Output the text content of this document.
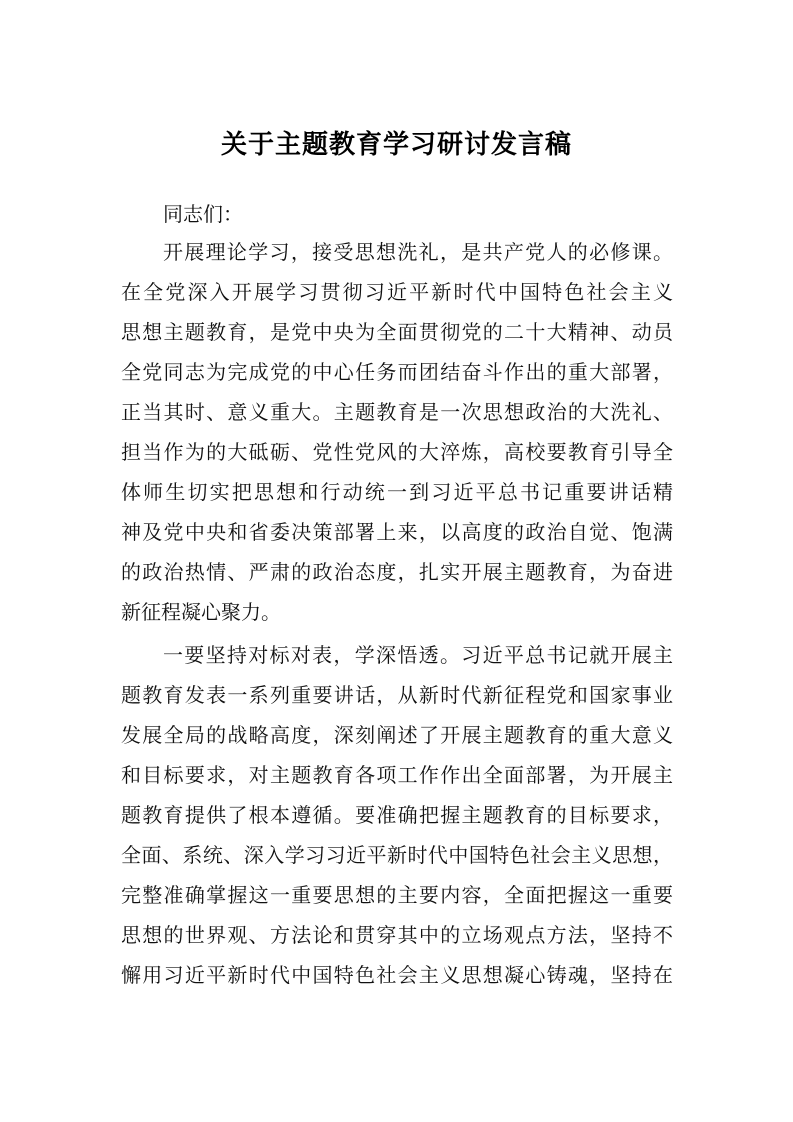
关于主题教育学习研讨发言稿
同志们：
开展理论学习，接受思想洗礼，是共产党人的必修课。
在全党深入开展学习贯彻习近平新时代中国特色社会主义
思想主题教育，是党中央为全面贯彻党的二十大精神、动员
全党同志为完成党的中心任务而团结奋斗作出的重大部署，
正当其时、意义重大。主题教育是一次思想政治的大洗礼、
担当作为的大砥砺、党性党风的大淬炼，高校要教育引导全
体师生切实把思想和行动统一到习近平总书记重要讲话精
神及党中央和省委决策部署上来，以高度的政治自觉、饱满
的政治热情、严肃的政治态度，扎实开展主题教育，为奋进
新征程凝心聚力。
一要坚持对标对表，学深悟透。习近平总书记就开展主
题教育发表一系列重要讲话，从新时代新征程党和国家事业
发展全局的战略高度，深刻阐述了开展主题教育的重大意义
和目标要求，对主题教育各项工作作出全面部署，为开展主
题教育提供了根本遵循。要准确把握主题教育的目标要求，
全面、系统、深入学习习近平新时代中国特色社会主义思想，
完整准确掌握这一重要思想的主要内容，全面把握这一重要
思想的世界观、方法论和贯穿其中的立场观点方法，坚持不
懈用习近平新时代中国特色社会主义思想凝心铸魂，坚持在
